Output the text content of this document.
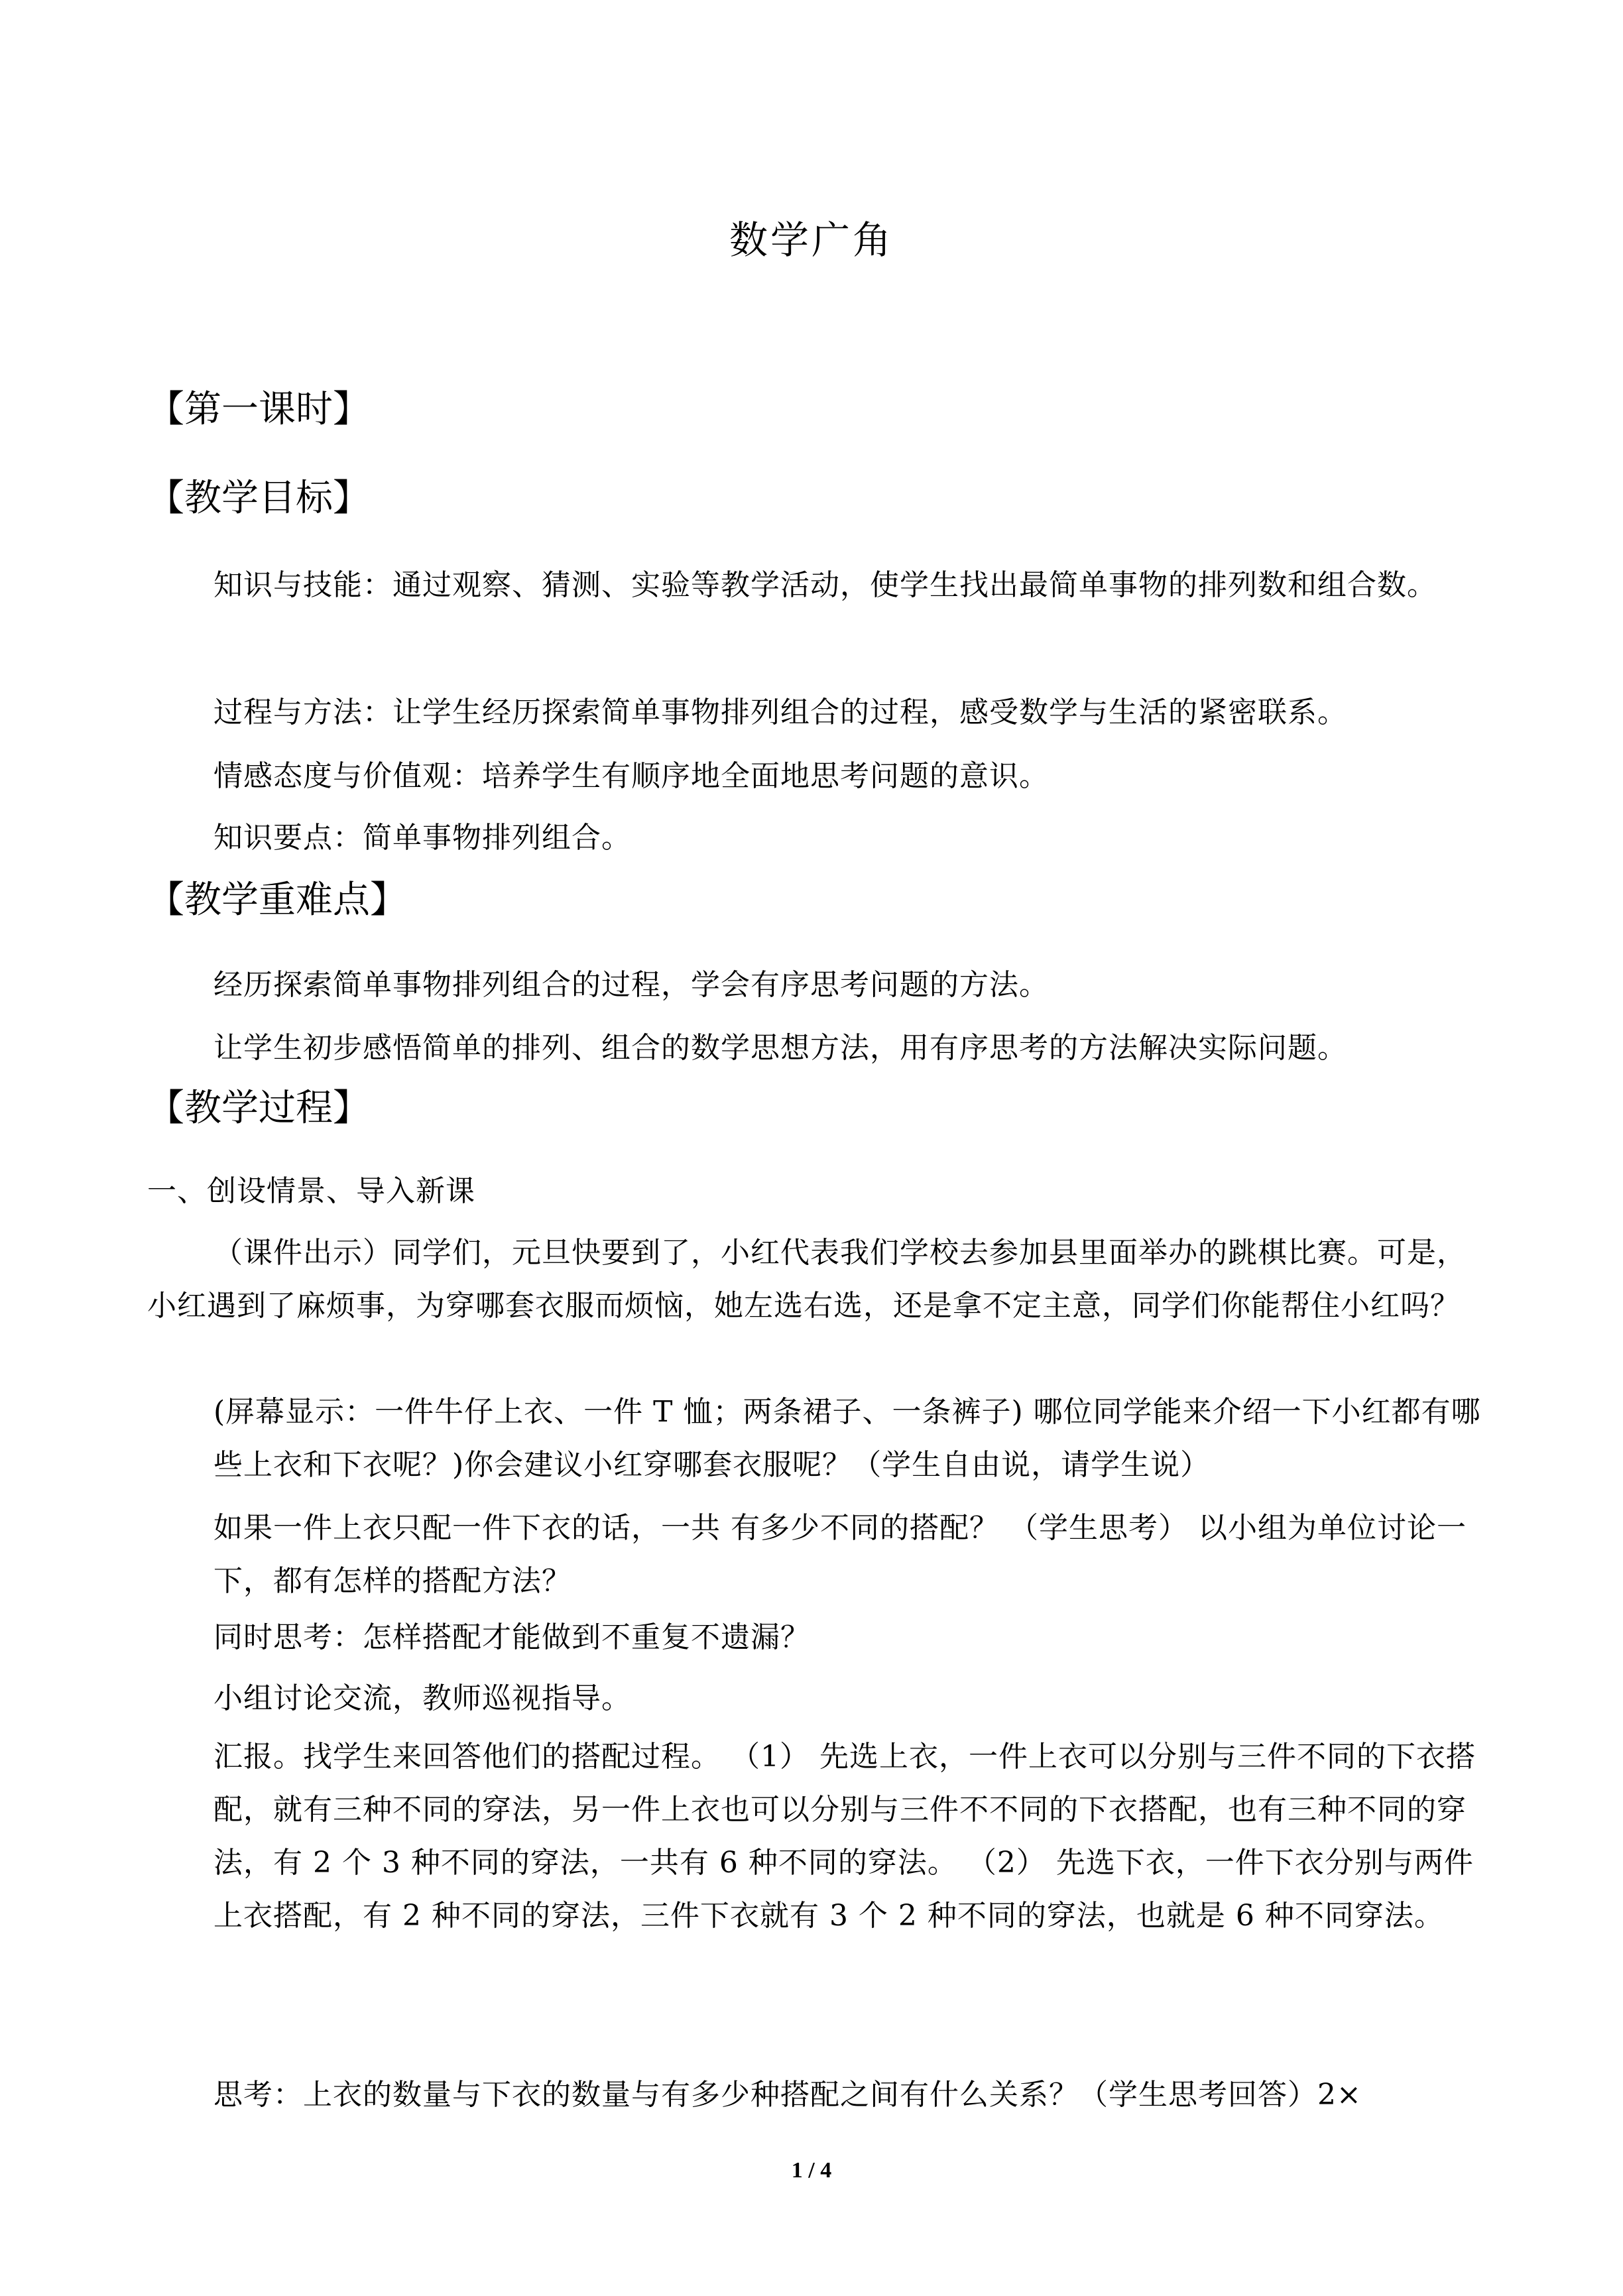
数学广角
【第一课时】
【教学目标】
知识与技能：通过观察、猜测、实验等教学活动，使学生找出最简单事物的排列数和组合数。
过程与方法：让学生经历探索简单事物排列组合的过程，感受数学与生活的紧密联系。
情感态度与价值观：培养学生有顺序地全面地思考问题的意识。
知识要点：简单事物排列组合。
【教学重难点】
经历探索简单事物排列组合的过程，学会有序思考问题的方法。
让学生初步感悟简单的排列、组合的数学思想方法，用有序思考的方法解决实际问题。
【教学过程】
一、创设情景、导入新课
（课件出示）同学们，元旦快要到了，小红代表我们学校去参加县里面举办的跳棋比赛。可是，小红遇到了麻烦事，为穿哪套衣服而烦恼，她左选右选，还是拿不定主意，同学们你能帮住小红吗？
(屏幕显示：一件牛仔上衣、一件 T 恤；两条裙子、一条裤子) 哪位同学能来介绍一下小红都有哪些上衣和下衣呢？)你会建议小红穿哪套衣服呢？（学生自由说，请学生说）
如果一件上衣只配一件下衣的话，一共 有多少不同的搭配？ （学生思考） 以小组为单位讨论一下，都有怎样的搭配方法？
同时思考：怎样搭配才能做到不重复不遗漏？
小组讨论交流，教师巡视指导。
汇报。找学生来回答他们的搭配过程。 （1） 先选上衣，一件上衣可以分别与三件不同的下衣搭配，就有三种不同的穿法，另一件上衣也可以分别与三件不不同的下衣搭配，也有三种不同的穿法，有 2 个 3 种不同的穿法，一共有 6 种不同的穿法。 （2） 先选下衣，一件下衣分别与两件上衣搭配，有 2 种不同的穿法，三件下衣就有 3 个 2 种不同的穿法，也就是 6 种不同穿法。
思考：上衣的数量与下衣的数量与有多少种搭配之间有什么关系？（学生思考回答）2×
1 / 4
